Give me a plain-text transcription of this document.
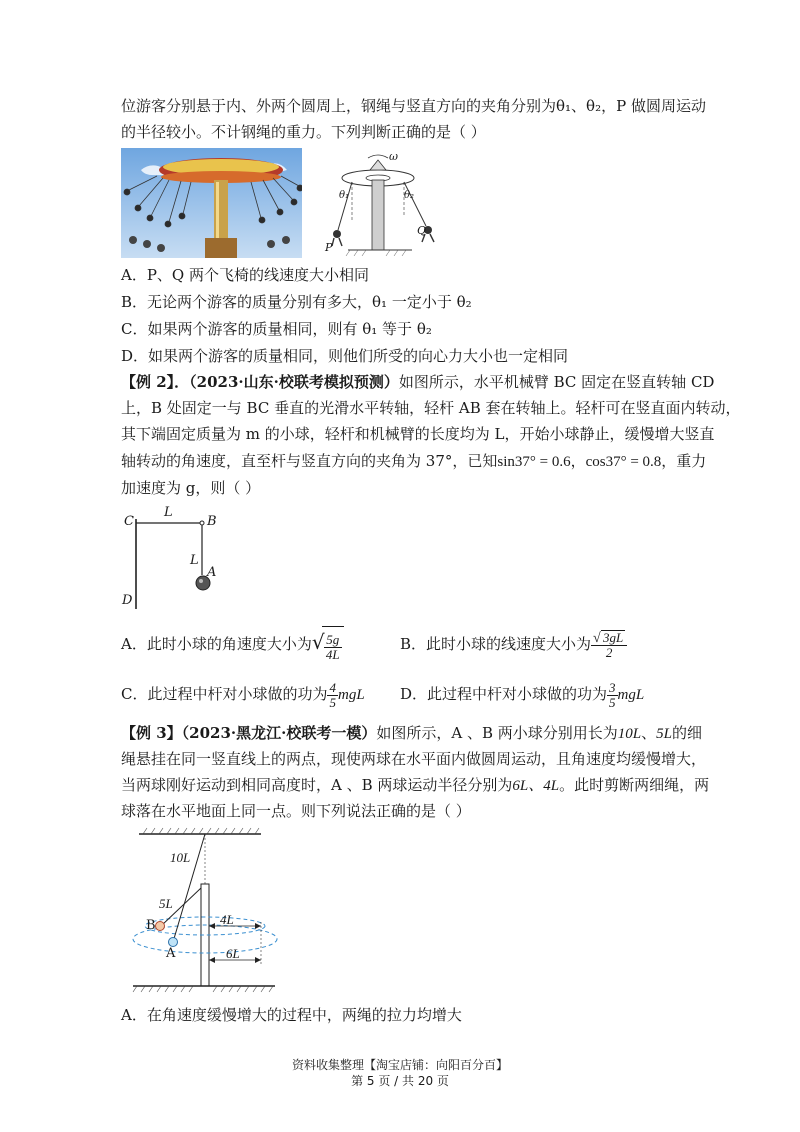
位游客分别悬于内、外两个圆周上，钢绳与竖直方向的夹角分别为θ₁、θ₂，P 做圆周运动
的半径较小。不计钢绳的重力。下列判断正确的是（ ）
ω
θ₁	θ₂
P
Q
A．P、Q 两个飞椅的线速度大小相同
B．无论两个游客的质量分别有多大，θ₁ 一定小于 θ₂
C．如果两个游客的质量相同，则有 θ₁ 等于 θ₂
D．如果两个游客的质量相同，则他们所受的向心力大小也一定相同
【例 2】．（2023·山东·校联考模拟预测）如图所示，水平机械臂 BC 固定在竖直转轴 CD
上，B 处固定一与 BC 垂直的光滑水平转轴，轻杆 AB 套在转轴上。轻杆可在竖直面内转动，
其下端固定质量为 m 的小球，轻杆和机械臂的长度均为 L，开始小球静止，缓慢增大竖直
轴转动的角速度，直至杆与竖直方向的夹角为 37°，已知sin37° = 0.6，cos37° = 0.8，重力
加速度为 g，则（ ）
C
L
B
L
A
D
A．此时小球的角速度大小为 √ $\frac{5g}{4L}$	B．此时小球的线速度大小为 $\frac{√ 3gL}{2}$
C．此过程中杆对小球做的功为 $\frac{4}{5}$ mgL D．此过程中杆对小球做的功为 $\frac{3}{5}$ mgL
【例 3】（2023·黑龙江·校联考一模）如图所示，A 、B 两小球分别用长为10L、5L的细
绳悬挂在同一竖直线上的两点，现使两球在水平面内做圆周运动，且角速度均缓慢增大，
当两球刚好运动到相同高度时，A 、B 两球运动半径分别为6L、4L。此时剪断两细绳，两
球落在水平地面上同一点。则下列说法正确的是（ ）
10L
5L
B
A
4L
6L
A．在角速度缓慢增大的过程中，两绳的拉力均增大
资料收集整理【淘宝店铺：向阳百分百】
第 5 页 / 共 20 页
